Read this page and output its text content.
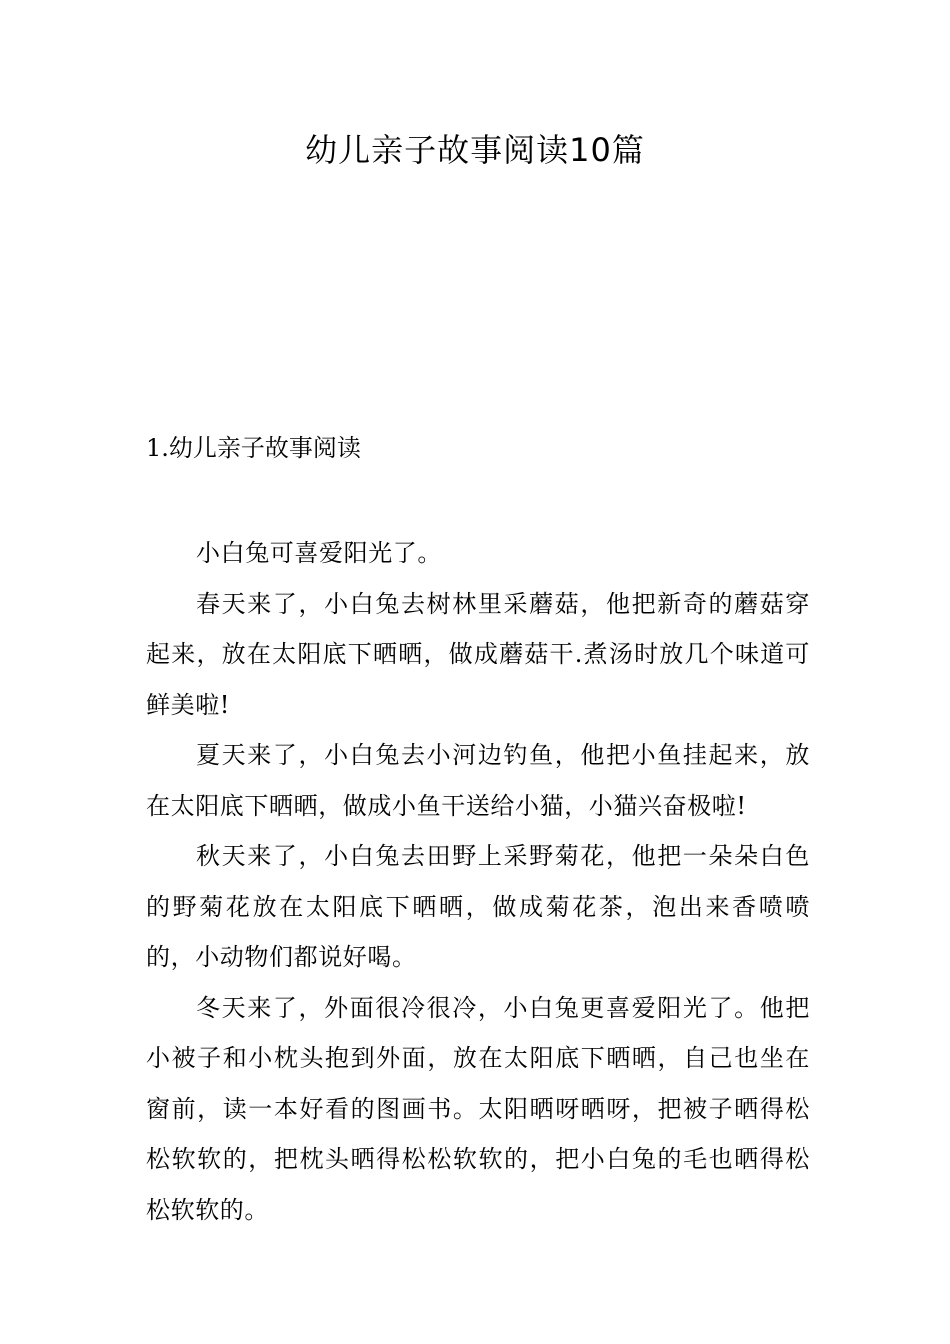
幼儿亲子故事阅读10篇
1.幼儿亲子故事阅读

小白兔可喜爱阳光了。

春天来了，小白兔去树林里采蘑菇，他把新奇的蘑菇穿起来，放在太阳底下晒晒，做成蘑菇干.煮汤时放几个味道可鲜美啦!

夏天来了，小白兔去小河边钓鱼，他把小鱼挂起来，放在太阳底下晒晒，做成小鱼干送给小猫，小猫兴奋极啦!

秋天来了，小白兔去田野上采野菊花，他把一朵朵白色的野菊花放在太阳底下晒晒，做成菊花茶，泡出来香喷喷的，小动物们都说好喝。

冬天来了，外面很冷很冷，小白兔更喜爱阳光了。他把小被子和小枕头抱到外面，放在太阳底下晒晒，自己也坐在窗前，读一本好看的图画书。太阳晒呀晒呀，把被子晒得松松软软的，把枕头晒得松松软软的，把小白兔的毛也晒得松松软软的。
